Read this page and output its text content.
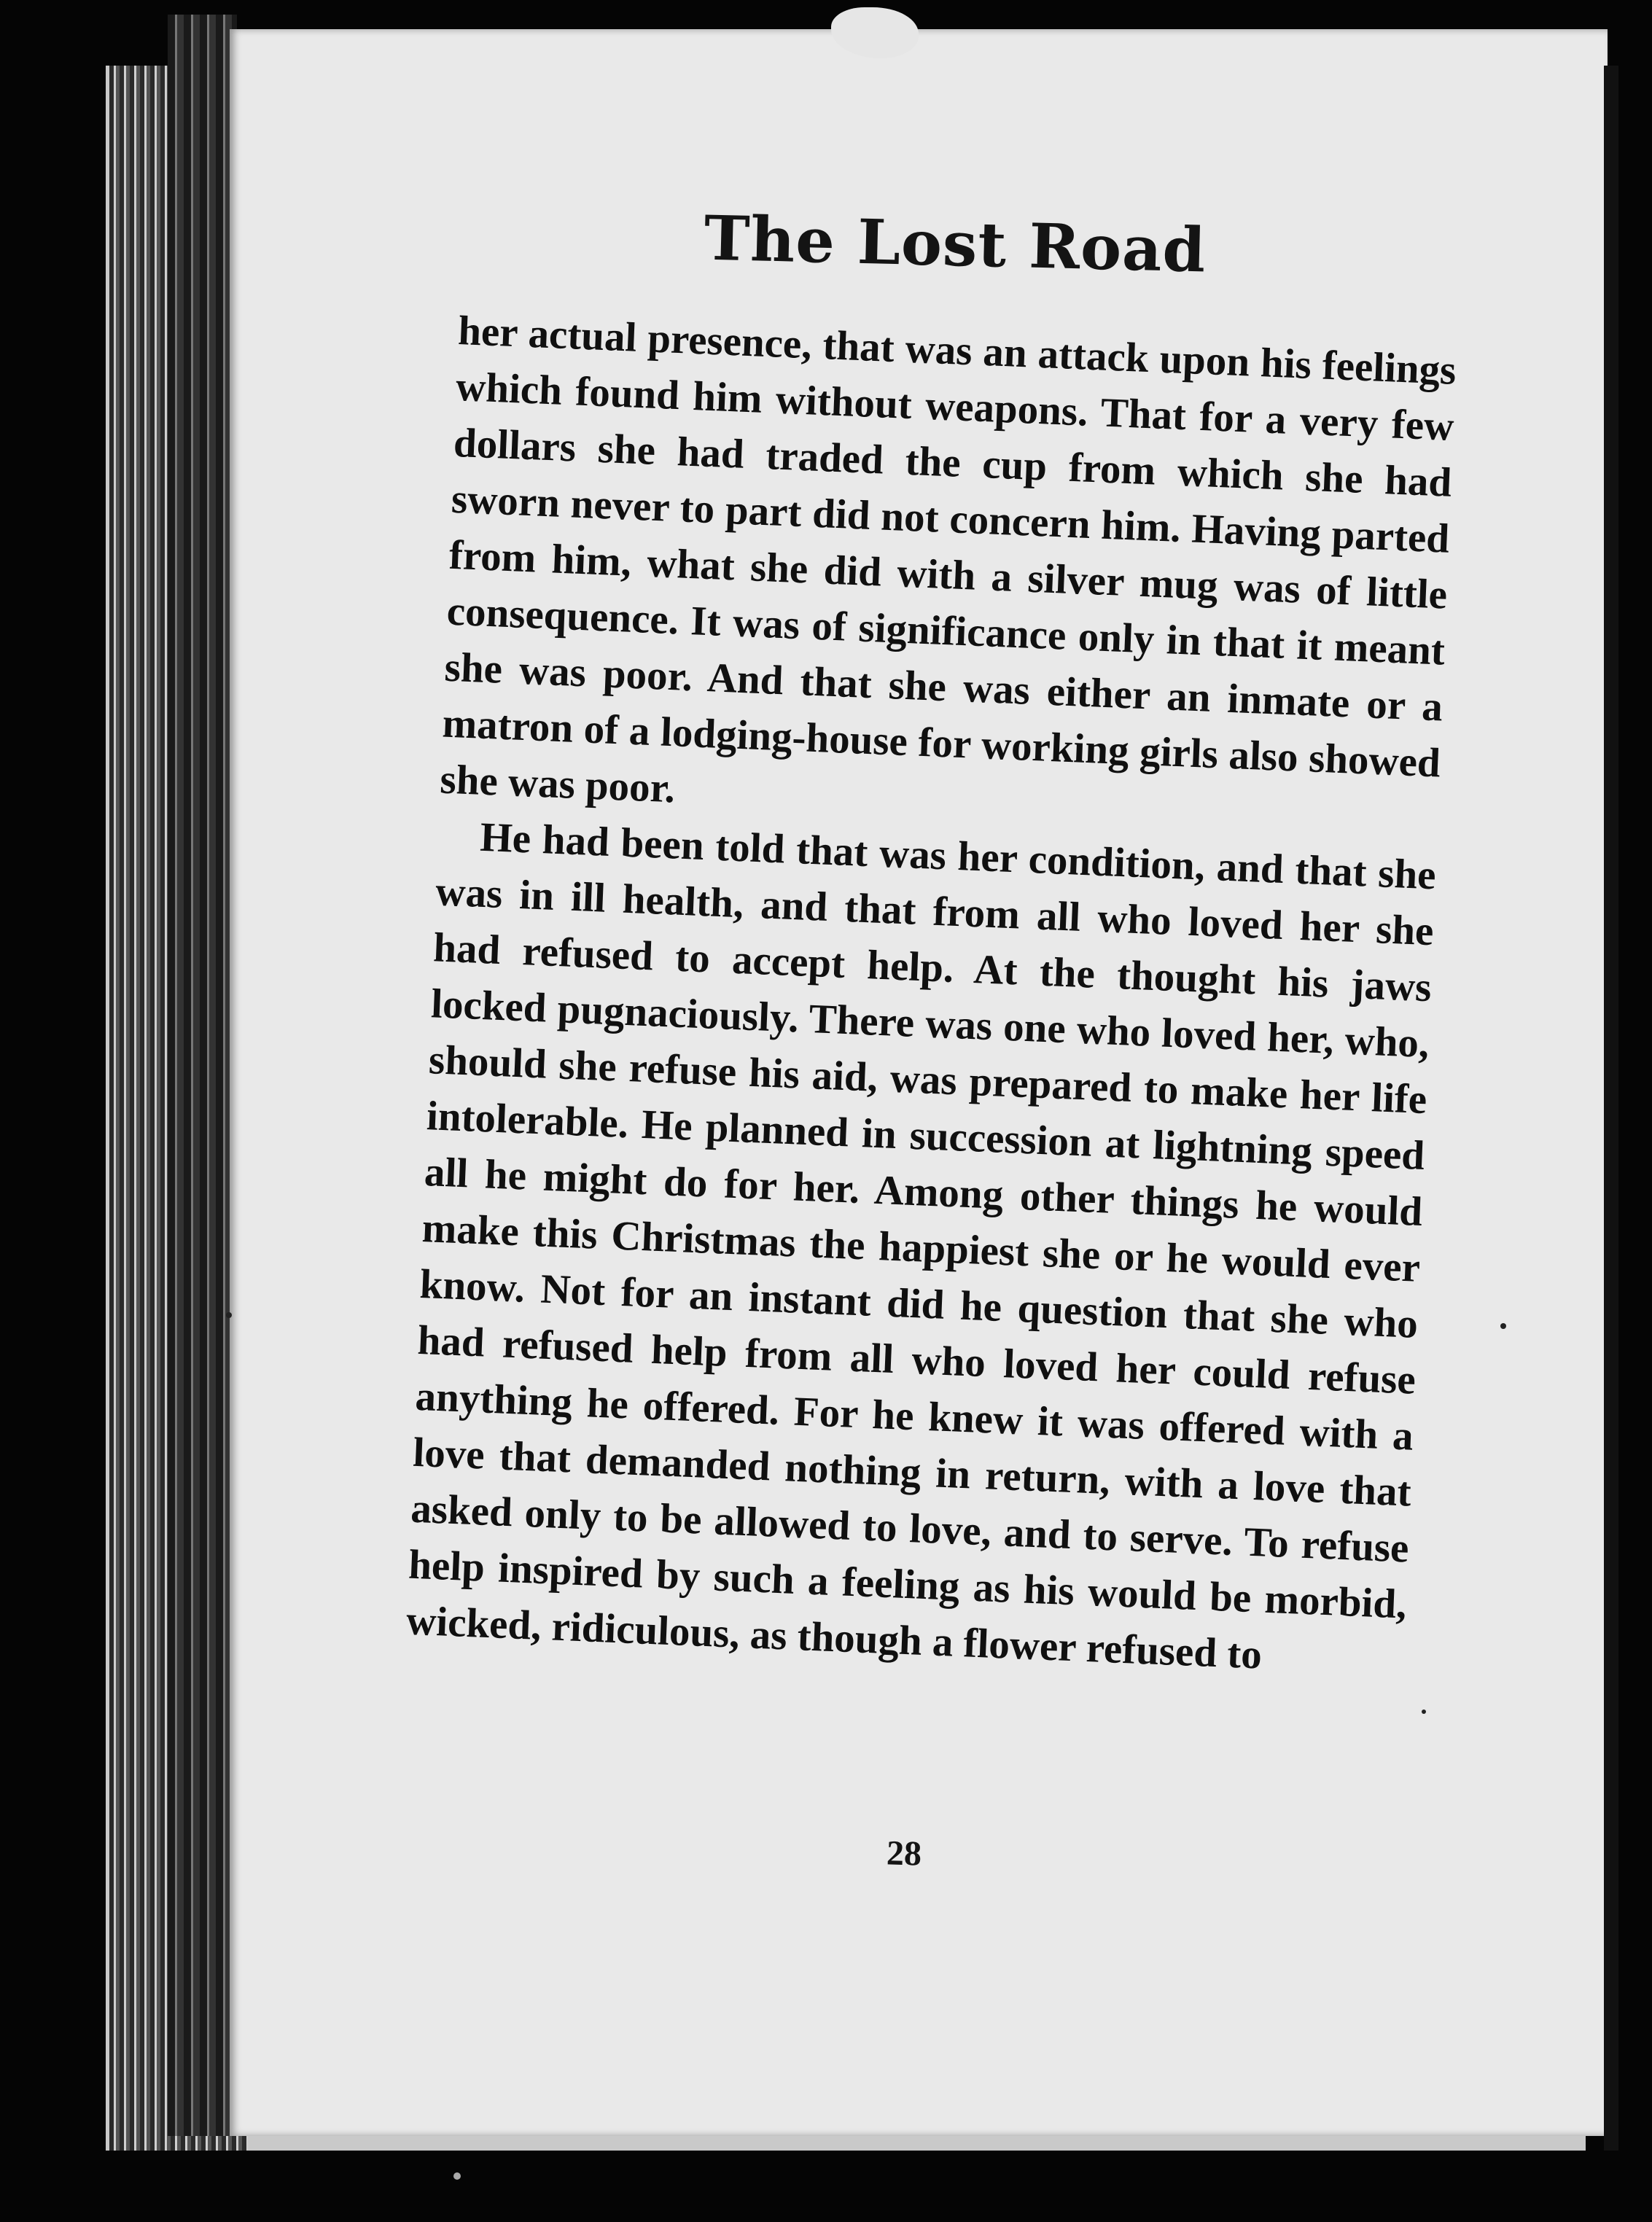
The Lost Road

her actual presence, that was an attack upon his feelings which found him without weapons. That for a very few dollars she had traded the cup from which she had sworn never to part did not concern him. Having parted from him, what she did with a silver mug was of little consequence. It was of significance only in that it meant she was poor. And that she was either an inmate or a matron of a lodging-house for working girls also showed she was poor.

He had been told that was her condition, and that she was in ill health, and that from all who loved her she had refused to accept help. At the thought his jaws locked pugnaciously. There was one who loved her, who, should she refuse his aid, was prepared to make her life intolerable. He planned in succession at lightning speed all he might do for her. Among other things he would make this Christmas the happiest she or he would ever know. Not for an instant did he question that she who had refused help from all who loved her could refuse anything he offered. For he knew it was offered with a love that demanded nothing in return, with a love that asked only to be allowed to love, and to serve. To refuse help inspired by such a feeling as his would be morbid, wicked, ridiculous, as though a flower refused to

28
